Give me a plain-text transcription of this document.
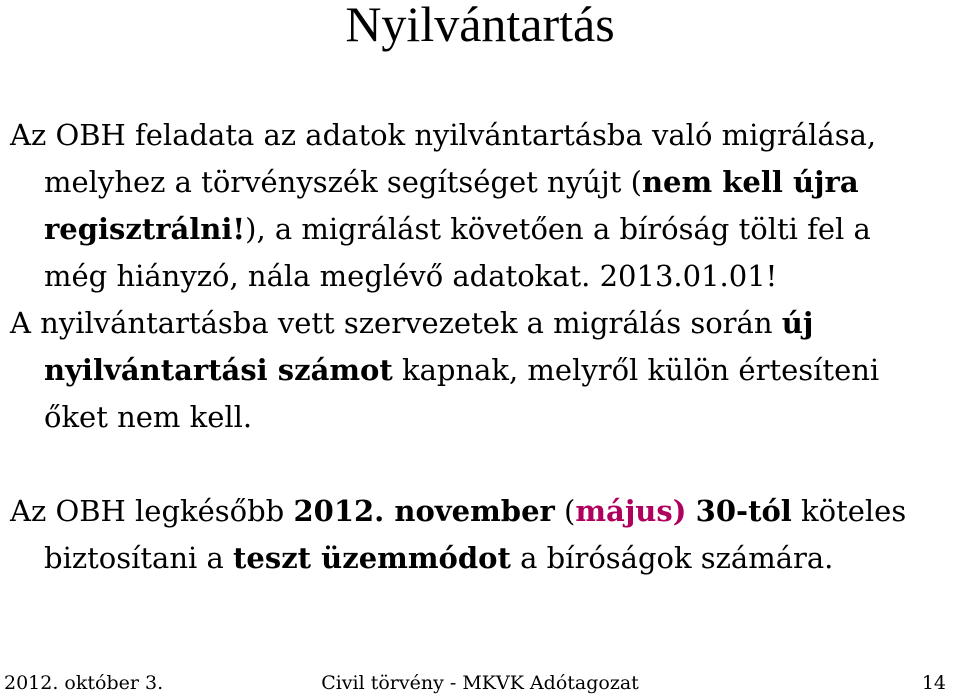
Nyilvántartás
Az OBH feladata az adatok nyilvántartásba való migrálása,
melyhez a törvényszék segítséget nyújt (nem kell újra
regisztrálni!), a migrálást követően a bíróság tölti fel a
még hiányzó, nála meglévő adatokat. 2013.01.01!
A nyilvántartásba vett szervezetek a migrálás során új
nyilvántartási számot kapnak, melyről külön értesíteni
őket nem kell.
Az OBH legkésőbb 2012. november (május) 30-tól köteles
biztosítani a teszt üzemmódot a bíróságok számára.
2012. október 3.	Civil törvény - MKVK Adótagozat	14
